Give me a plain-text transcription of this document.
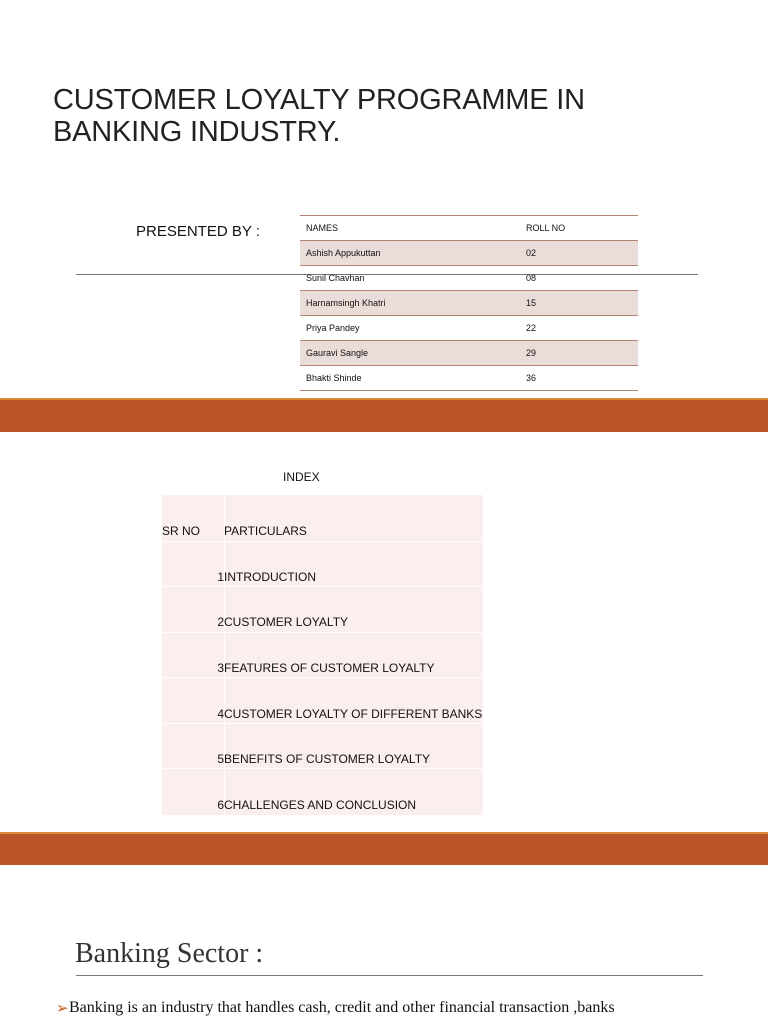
CUSTOMER LOYALTY PROGRAMME IN BANKING INDUSTRY.
PRESENTED BY :	NAMES	ROLL NO
Ashish Appukuttan	02
Sunil Chavhan	08
Harnamsingh Khatri	15
Priya Pandey	22
Gauravi Sangle	29
Bhakti Shinde	36
INDEX
SR NO PARTICULARS
1 INTRODUCTION
2 CUSTOMER LOYALTY
3 FEATURES OF CUSTOMER LOYALTY
4 CUSTOMER LOYALTY OF DIFFERENT BANKS
5 BENEFITS OF CUSTOMER LOYALTY
6 CHALLENGES AND CONCLUSION
Banking Sector :
➢ Banking is an industry that handles cash, credit and other financial transaction ,banks
